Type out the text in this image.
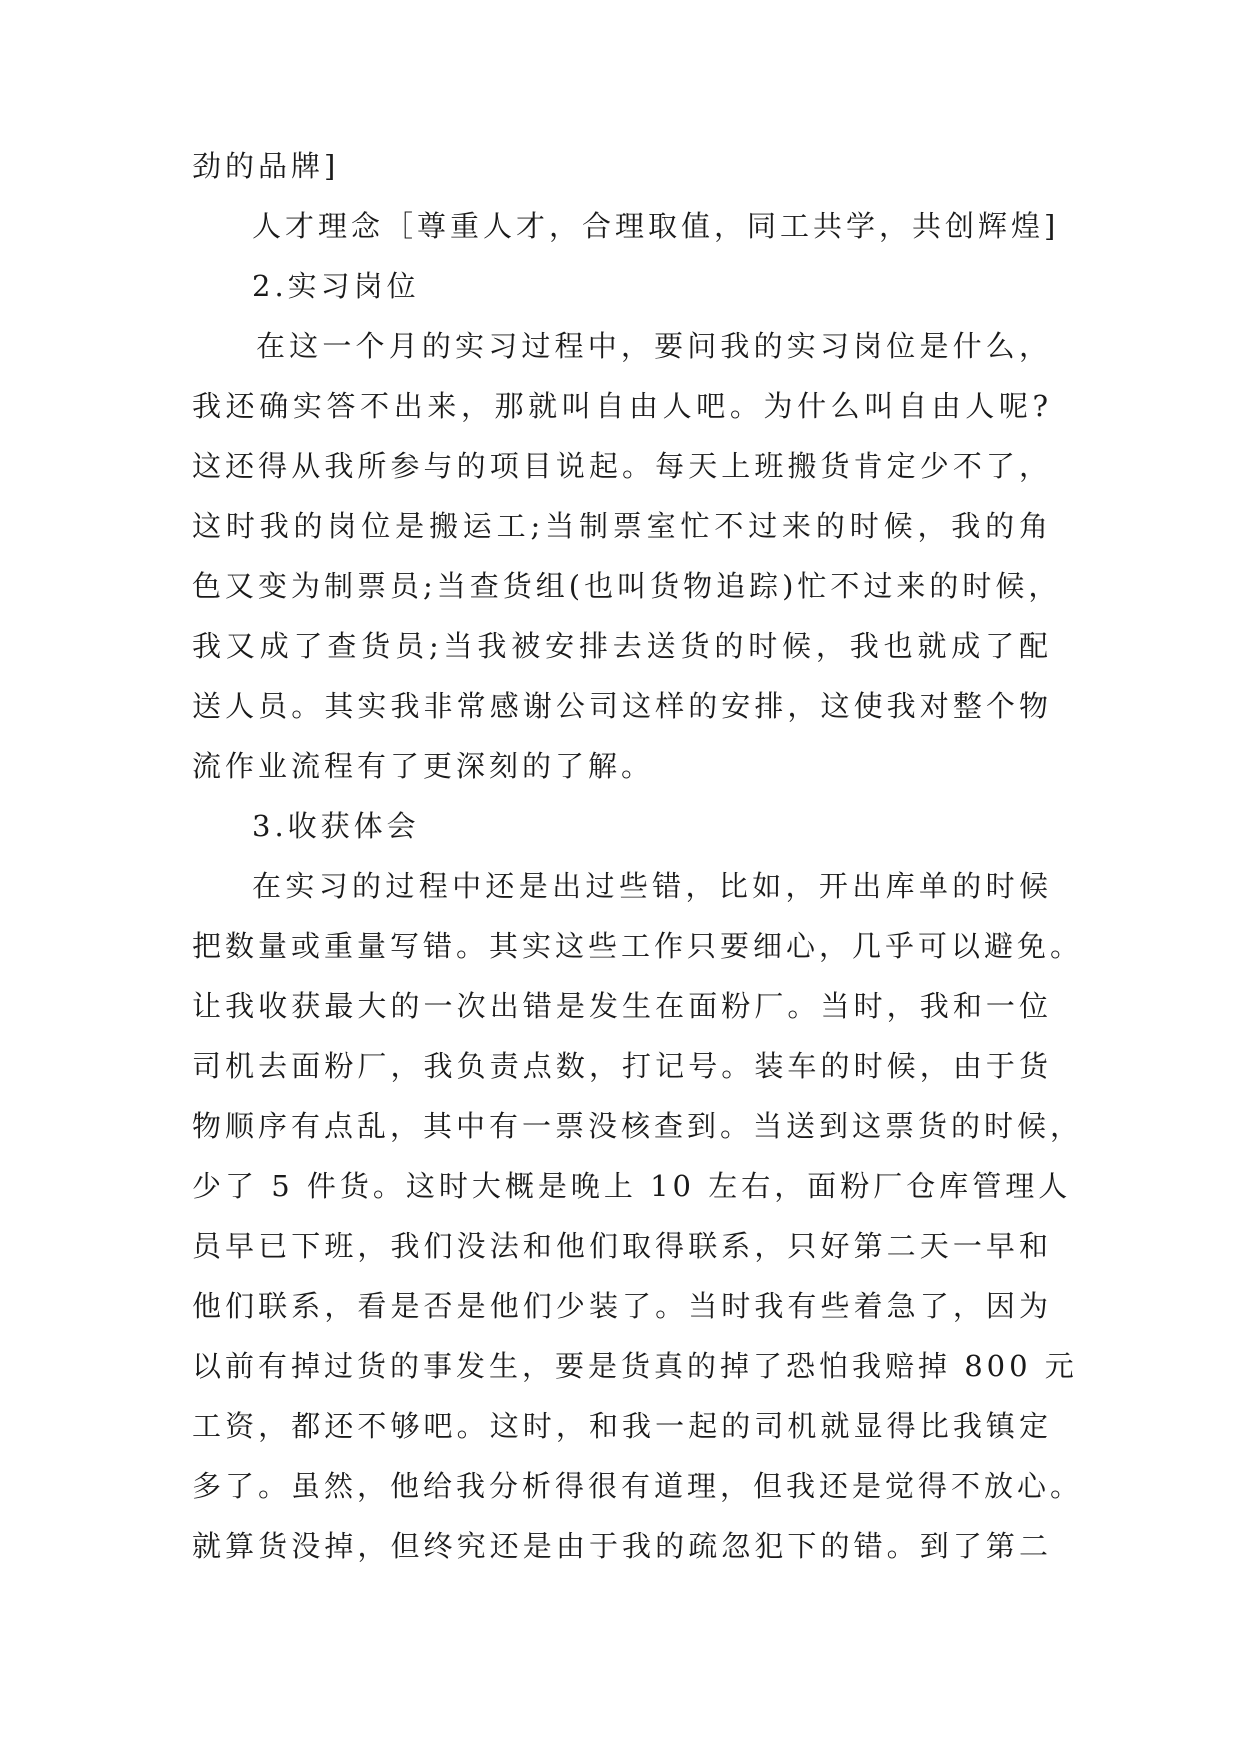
劲的品牌]
人才理念［尊重人才，合理取值，同工共学，共创辉煌]
2.实习岗位
在这一个月的实习过程中，要问我的实习岗位是什么，
我还确实答不出来，那就叫自由人吧。为什么叫自由人呢?
这还得从我所参与的项目说起。每天上班搬货肯定少不了，
这时我的岗位是搬运工;当制票室忙不过来的时候，我的角
色又变为制票员;当查货组(也叫货物追踪)忙不过来的时候，
我又成了查货员;当我被安排去送货的时候，我也就成了配
送人员。其实我非常感谢公司这样的安排，这使我对整个物
流作业流程有了更深刻的了解。
3.收获体会
在实习的过程中还是出过些错，比如，开出库单的时候
把数量或重量写错。其实这些工作只要细心，几乎可以避免。
让我收获最大的一次出错是发生在面粉厂。当时，我和一位
司机去面粉厂，我负责点数，打记号。装车的时候，由于货
物顺序有点乱，其中有一票没核查到。当送到这票货的时候，
少了 5 件货。这时大概是晚上 10 左右，面粉厂仓库管理人
员早已下班，我们没法和他们取得联系，只好第二天一早和
他们联系，看是否是他们少装了。当时我有些着急了，因为
以前有掉过货的事发生，要是货真的掉了恐怕我赔掉 800 元
工资，都还不够吧。这时，和我一起的司机就显得比我镇定
多了。虽然，他给我分析得很有道理，但我还是觉得不放心。
就算货没掉，但终究还是由于我的疏忽犯下的错。到了第二
